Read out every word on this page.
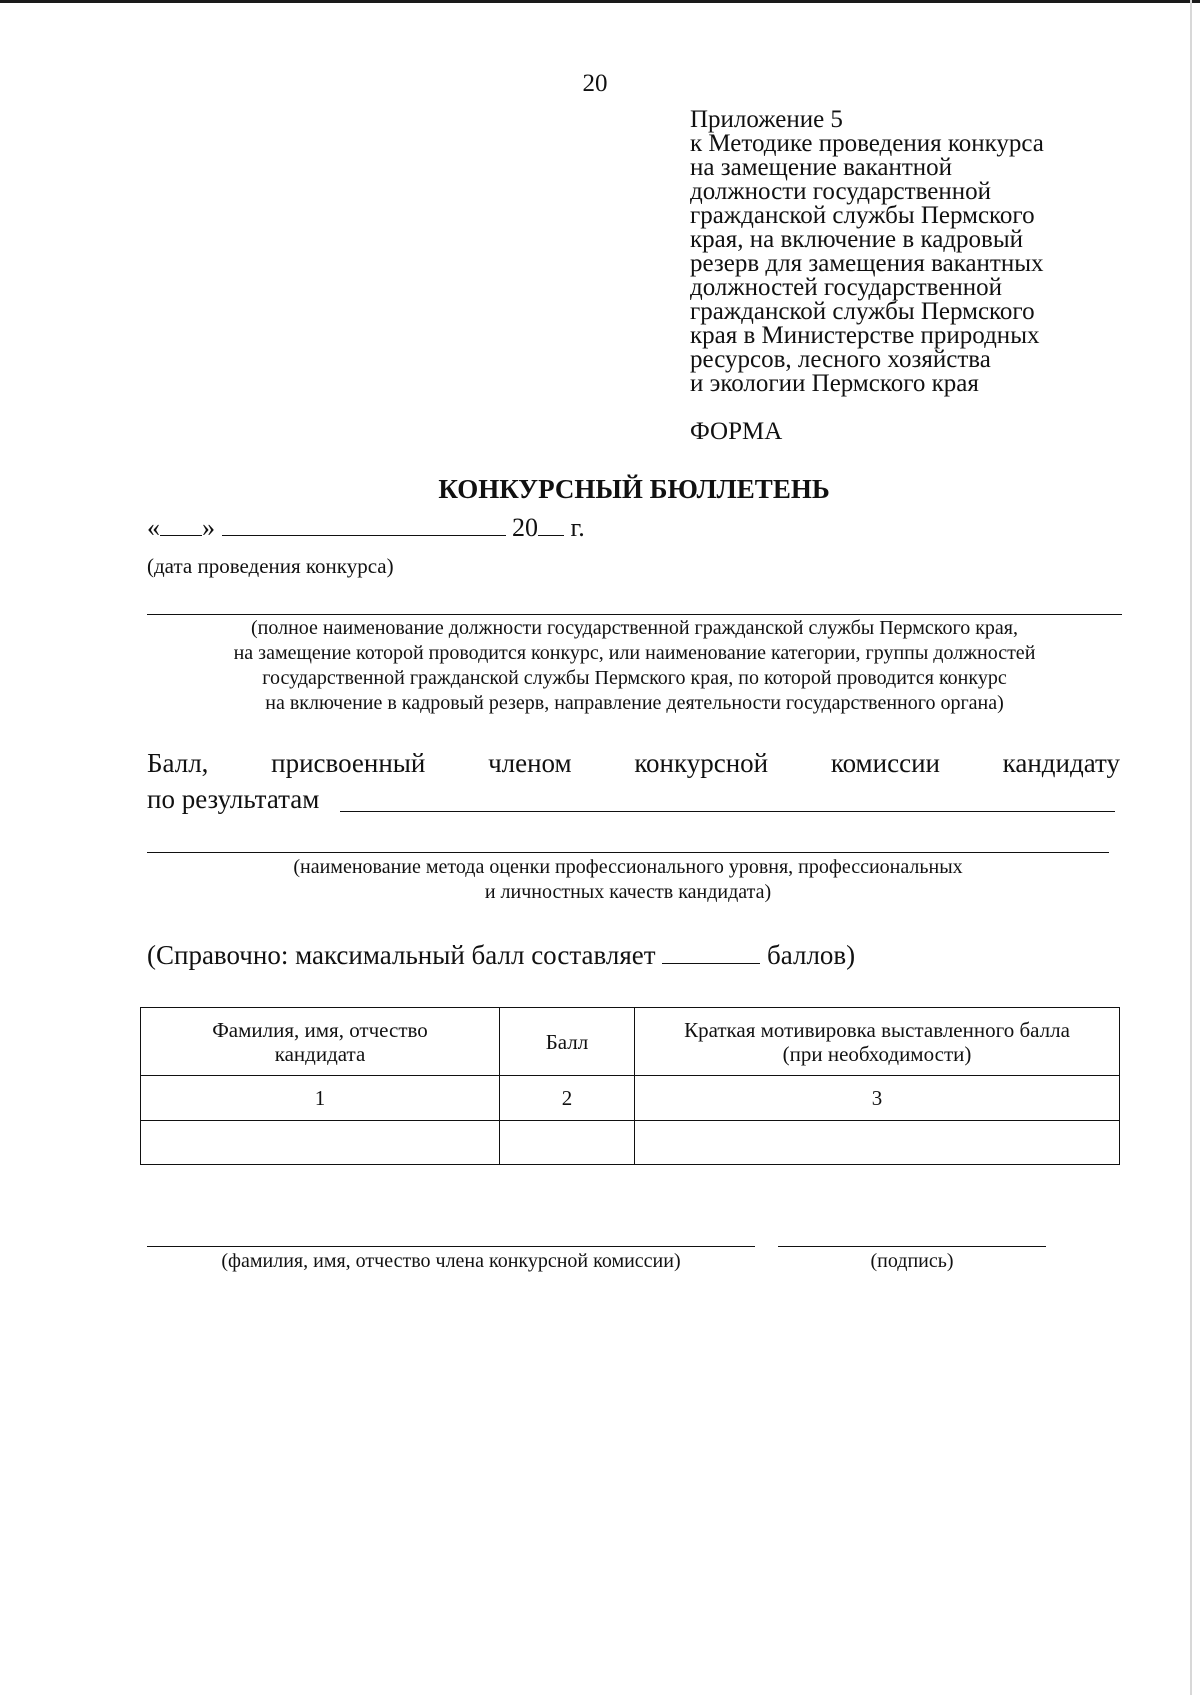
20
Приложение 5
к Методике проведения конкурса
на замещение вакантной
должности государственной
гражданской службы Пермского
края, на включение в кадровый
резерв для замещения вакантных
должностей государственной
гражданской службы Пермского
края в Министерстве природных
ресурсов, лесного хозяйства
и экологии Пермского края
ФОРМА
КОНКУРСНЫЙ БЮЛЛЕТЕНЬ
« »	20 г.
(дата проведения конкурса)
(полное наименование должности государственной гражданской службы Пермского края,
на замещение которой проводится конкурс, или наименование категории, группы должностей
государственной гражданской службы Пермского края, по которой проводится конкурс
на включение в кадровый резерв, направление деятельности государственного органа)
Балл, присвоенный членом конкурсной комиссии кандидату
по результатам
(наименование метода оценки профессионального уровня, профессиональных
и личностных качеств кандидата)
(Справочно: максимальный балл составляет	баллов)
Фамилия, имя, отчество
кандидата	Балл	Краткая мотивировка выставленного балла
(при необходимости)

1	2	3

(фамилия, имя, отчество члена конкурсной комиссии)	(подпись)
